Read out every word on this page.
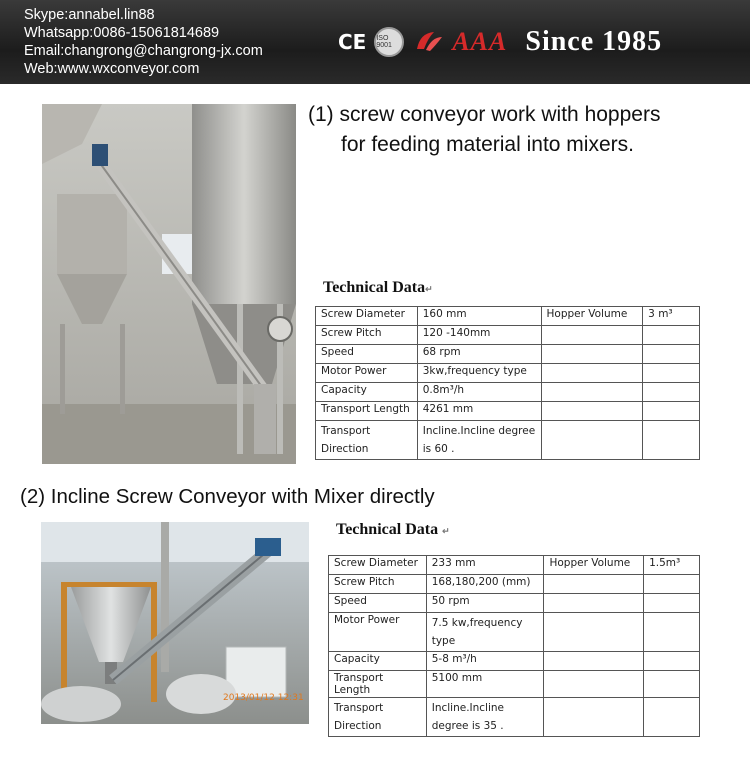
Skype:annabel.lin88
Whatsapp:0086-15061814689
Email:changrong@changrong-jx.com
Web:www.wxconveyor.com
CE ISO 9001	AAA Since 1985
(1) screw conveyor work with hoppers
for feeding material into mixers.
Technical Data↵
Screw Diameter	160 mm	Hopper Volume	3 m³
Screw Pitch	120 -140mm		
Speed	68 rpm		
Motor Power	3kw,frequency type		
Capacity	0.8m³/h		
Transport Length	4261 mm		
Transport Direction	Incline.Incline degree is 60 .		
(2) Incline Screw Conveyor with Mixer directly
2013/01/12 12:31
Technical Data ↵
Screw Diameter	233 mm	Hopper Volume	1.5m³
Screw Pitch	168,180,200 (mm)		
Speed	50 rpm		
Motor Power	7.5 kw,frequency type		
Capacity	5-8 m³/h		
Transport Length	5100 mm		
Transport Direction	Incline.Incline degree is 35 .		
